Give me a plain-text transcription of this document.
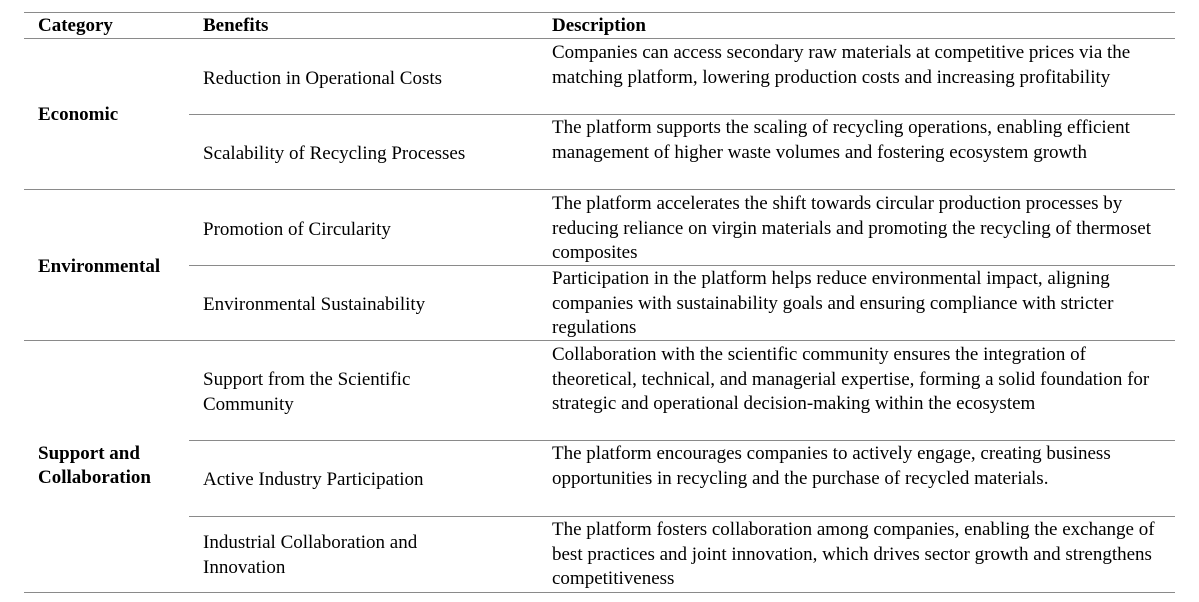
Category	Benefits	Description
Economic
Reduction in Operational Costs
Companies can access secondary raw materials at competitive prices via the matching platform, lowering production costs and increasing profitability
Scalability of Recycling Processes
The platform supports the scaling of recycling operations, enabling efficient management of higher waste volumes and fostering ecosystem growth
Environmental
Promotion of Circularity
The platform accelerates the shift towards circular production processes by reducing reliance on virgin materials and promoting the recycling of thermoset composites
Environmental Sustainability
Participation in the platform helps reduce environmental impact, aligning companies with sustainability goals and ensuring compliance with stricter regulations
Support and Collaboration
Support from the Scientific Community
Collaboration with the scientific community ensures the integration of theoretical, technical, and managerial expertise, forming a solid foundation for strategic and operational decision-making within the ecosystem
Active Industry Participation
The platform encourages companies to actively engage, creating business opportunities in recycling and the purchase of recycled materials.
Industrial Collaboration and Innovation
The platform fosters collaboration among companies, enabling the exchange of best practices and joint innovation, which drives sector growth and strengthens competitiveness
